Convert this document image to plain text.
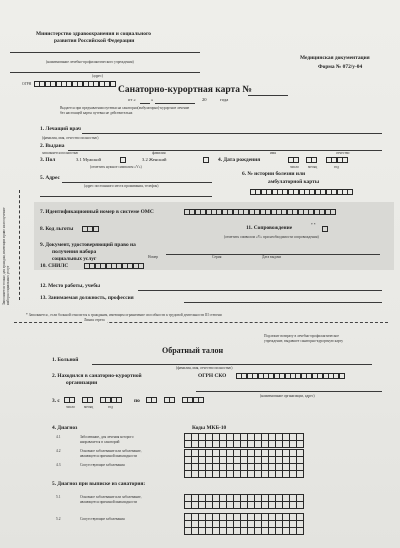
Министерство здравоохранения и социального
развития Российской Федерации
(наименование лечебно-профилактического учреждения)
(адрес)
ОГРН
Медицинская документация
Форма № 072/у-04
Санаторно-курортная карта №
от «	»	20	года
Выдается при предъявлении путевки на санаторно(амбулаторно)-курортное лечение
без настоящей карты путевка не действительна
Заполняется только для граждан, имеющих право на получение набора социальных услуг
1. Лечащий врач
(фамилия, имя, отчество полностью)
2. Выдана
заполняется полностью	фамилия	имя	отчество
3. Пол	3.1 Мужской	3.2 Женский
(отметить нужное символом «V»)
4. Дата рождения
число	месяц	год
5. Адрес
(адрес постоянного места проживания, телефон)
6. № истории болезни или
амбулаторной карты
7. Идентификационный номер в системе ОМС
8. Код льготы	11. Сопровождение	* *
(отметить символом «V» при необходимости сопровождения)
9. Документ, удостоверяющий право на
получения набора
социальных услуг	Номер	Серия	Дата выдачи
10. СНИЛС
12. Место работы, учебы
13. Занимаемая должность, профессия
* Заполняется , если больной относится к гражданам, имеющим ограничение способности к трудовой деятельности III степени
Линия отреза
Подлежит возврату в лечебно-профилактическое
учреждение, выдавшее санаторно-курортную карту
Обратный талон
1. Больной
(фамилия, имя, отчество полностью)
2. Находился в санаторно-курортной
организации
ОГРН СКО
(наименование организации, адрес)
3. с
число	месяц	год
по
4. Диагноз	Коды МКБ-10
4.1	Заболевание, для лечения которого
направляется в санаторий
4.2	Основное заболевание или заболевание,
являющееся причиной инвалидности
4.3	Сопутствующие заболевания
5. Диагноз при выписке из санатория:
5.1	Основное заболевание или заболевание,
являющееся причиной инвалидности
5.2	Сопутствующие заболевания
